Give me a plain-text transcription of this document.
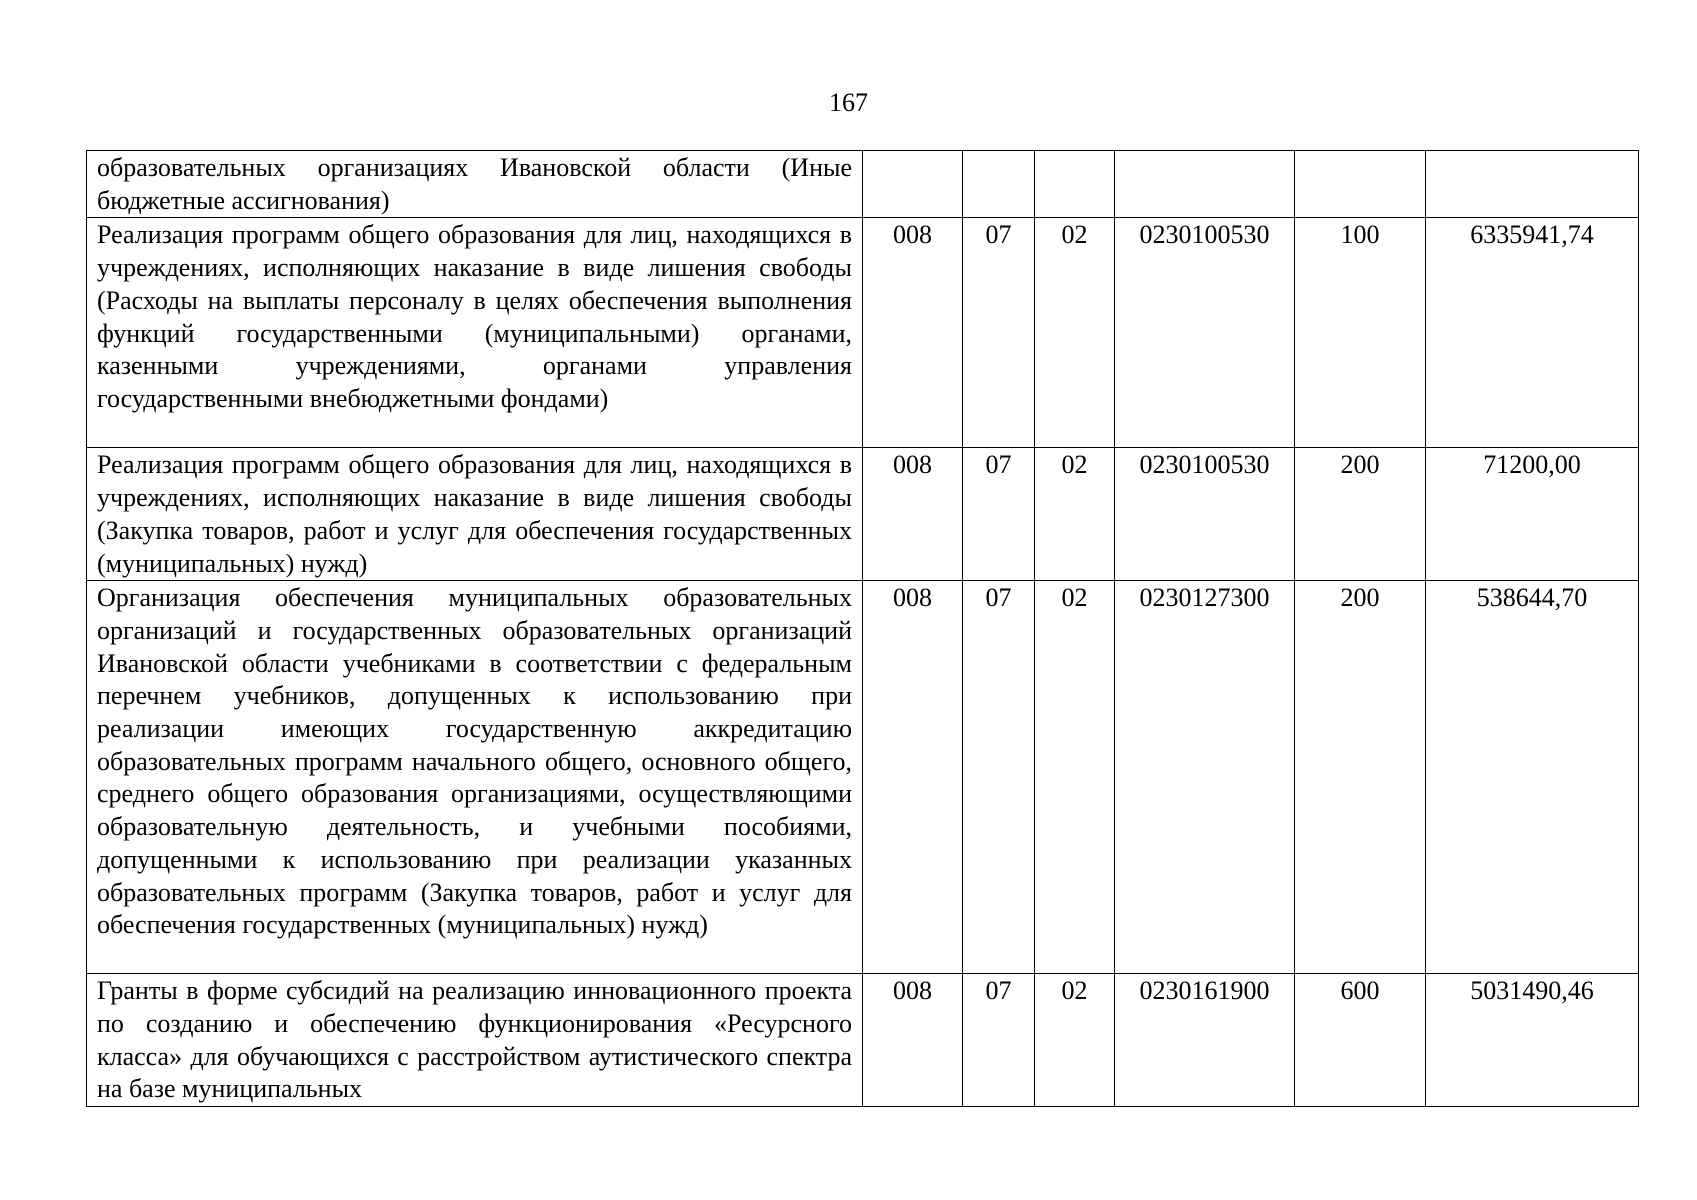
167
образовательных организациях Ивановской области (Иные бюджетные ассигнования)						
Реализация программ общего образования для лиц, находящихся в учреждениях, исполняющих наказание в виде лишения свободы (Расходы на выплаты персоналу в целях обеспечения выполнения функций государственными (муниципальными) органами, казенными учреждениями, органами управления государственными внебюджетными фондами)	008	07	02	0230100530	100	6335941,74
Реализация программ общего образования для лиц, находящихся в учреждениях, исполняющих наказание в виде лишения свободы (Закупка товаров, работ и услуг для обеспечения государственных (муниципальных) нужд)	008	07	02	0230100530	200	71200,00
Организация обеспечения муниципальных образовательных организаций и государственных образовательных организаций Ивановской области учебниками в соответствии с федеральным перечнем учебников, допущенных к использованию при реализации имеющих государственную аккредитацию образовательных программ начального общего, основного общего, среднего общего образования организациями, осуществляющими образовательную деятельность, и учебными пособиями, допущенными к использованию при реализации указанных образовательных программ (Закупка товаров, работ и услуг для обеспечения государственных (муниципальных) нужд)	008	07	02	0230127300	200	538644,70
Гранты в форме субсидий на реализацию инновационного проекта по созданию и обеспечению функционирования «Ресурсного класса» для обучающихся с расстройством аутистического спектра на базе муниципальных	008	07	02	0230161900	600	5031490,46
